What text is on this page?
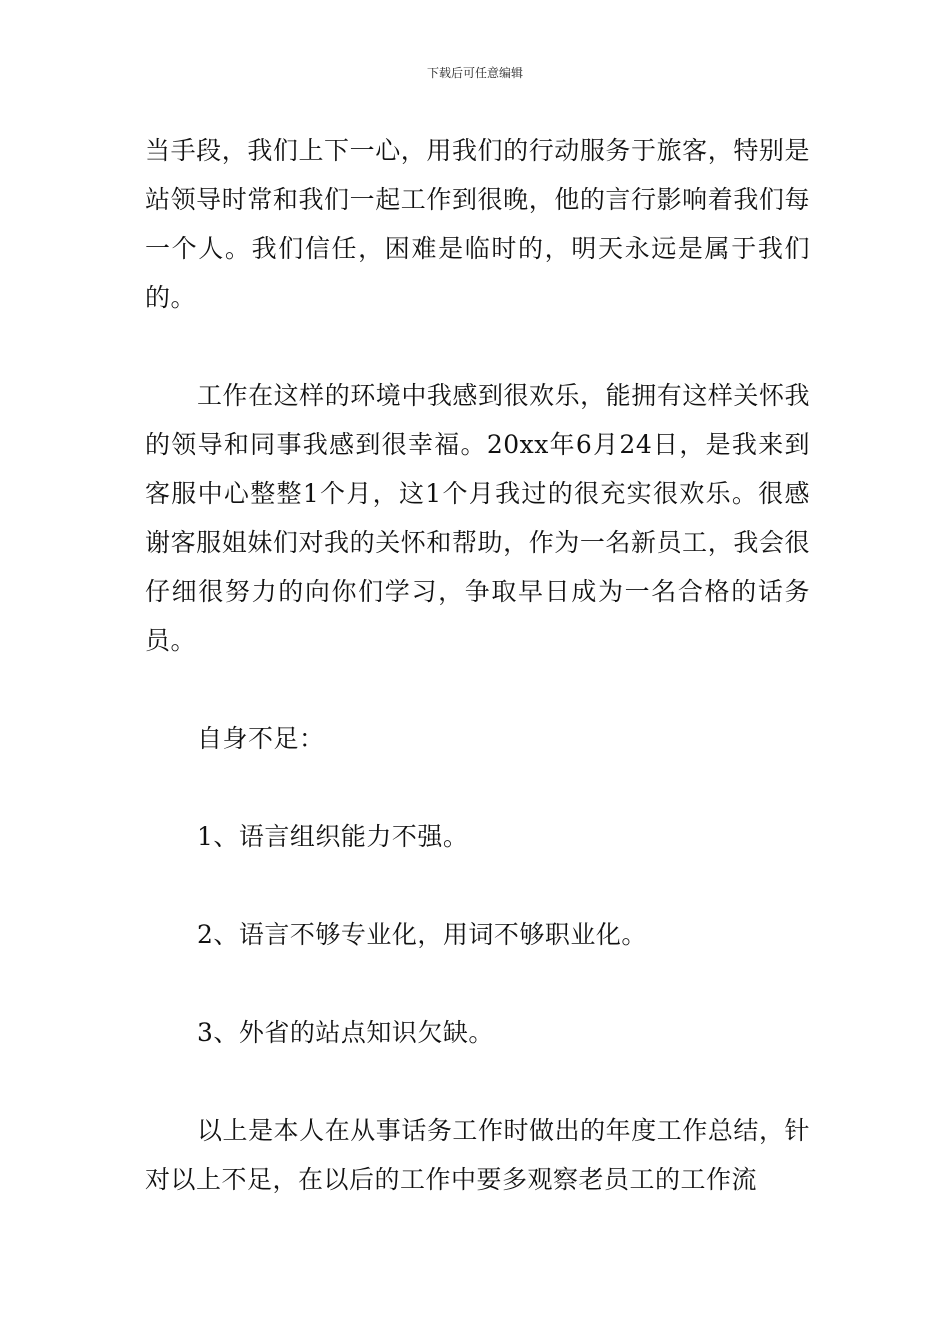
下载后可任意编辑

当手段，我们上下一心，用我们的行动服务于旅客，特别是站领导时常和我们一起工作到很晚，他的言行影响着我们每一个人。我们信任，困难是临时的，明天永远是属于我们的。

工作在这样的环境中我感到很欢乐，能拥有这样关怀我的领导和同事我感到很幸福。20xx年6月24日，是我来到客服中心整整1个月，这1个月我过的很充实很欢乐。很感谢客服姐妹们对我的关怀和帮助，作为一名新员工，我会很仔细很努力的向你们学习，争取早日成为一名合格的话务员。

自身不足：

1、语言组织能力不强。

2、语言不够专业化，用词不够职业化。

3、外省的站点知识欠缺。

以上是本人在从事话务工作时做出的年度工作总结，针对以上不足，在以后的工作中要多观察老员工的工作流
